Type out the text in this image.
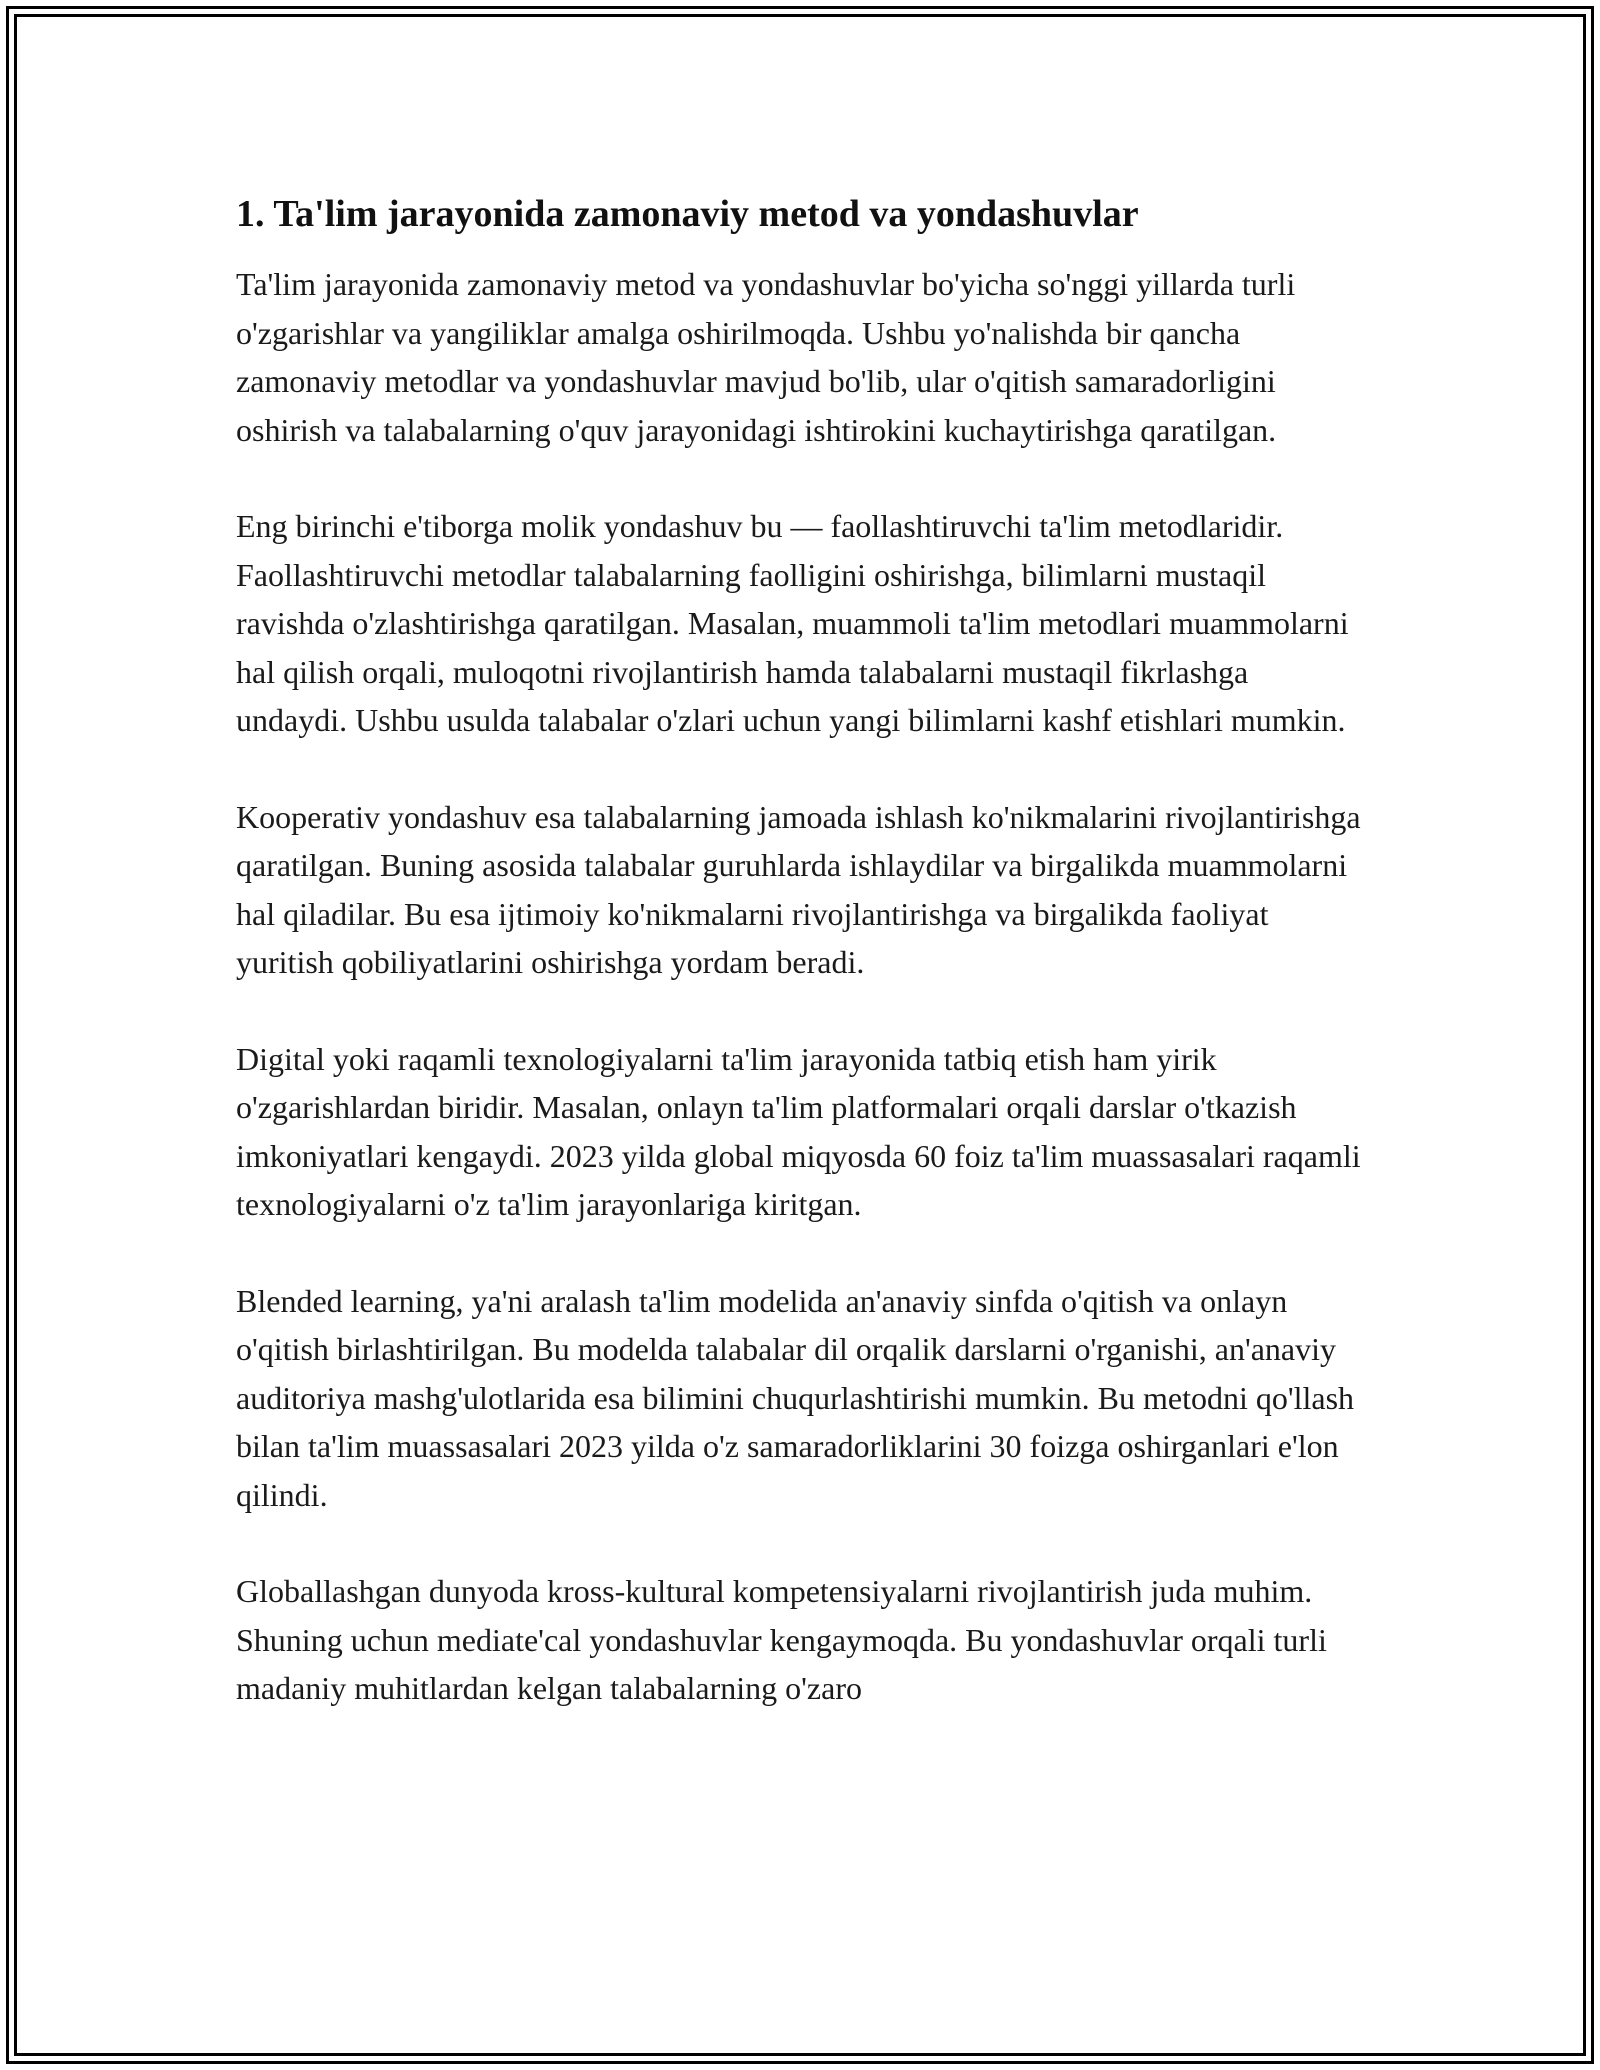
1. Ta'lim jarayonida zamonaviy metod va yondashuvlar

Ta'lim jarayonida zamonaviy metod va yondashuvlar bo'yicha so'nggi yillarda turli o'zgarishlar va yangiliklar amalga oshirilmoqda. Ushbu yo'nalishda bir qancha zamonaviy metodlar va yondashuvlar mavjud bo'lib, ular o'qitish samaradorligini oshirish va talabalarning o'quv jarayonidagi ishtirokini kuchaytirishga qaratilgan.

Eng birinchi e'tiborga molik yondashuv bu — faollashtiruvchi ta'lim metodlaridir. Faollashtiruvchi metodlar talabalarning faolligini oshirishga, bilimlarni mustaqil ravishda o'zlashtirishga qaratilgan. Masalan, muammoli ta'lim metodlari muammolarni hal qilish orqali, muloqotni rivojlantirish hamda talabalarni mustaqil fikrlashga undaydi. Ushbu usulda talabalar o'zlari uchun yangi bilimlarni kashf etishlari mumkin.

Kooperativ yondashuv esa talabalarning jamoada ishlash ko'nikmalarini rivojlantirishga qaratilgan. Buning asosida talabalar guruhlarda ishlaydilar va birgalikda muammolarni hal qiladilar. Bu esa ijtimoiy ko'nikmalarni rivojlantirishga va birgalikda faoliyat yuritish qobiliyatlarini oshirishga yordam beradi.

Digital yoki raqamli texnologiyalarni ta'lim jarayonida tatbiq etish ham yirik o'zgarishlardan biridir. Masalan, onlayn ta'lim platformalari orqali darslar o'tkazish imkoniyatlari kengaydi. 2023 yilda global miqyosda 60 foiz ta'lim muassasalari raqamli texnologiyalarni o'z ta'lim jarayonlariga kiritgan.

Blended learning, ya'ni aralash ta'lim modelida an'anaviy sinfda o'qitish va onlayn o'qitish birlashtirilgan. Bu modelda talabalar dil orqalik darslarni o'rganishi, an'anaviy auditoriya mashg'ulotlarida esa bilimini chuqurlashtirishi mumkin. Bu metodni qo'llash bilan ta'lim muassasalari 2023 yilda o'z samaradorliklarini 30 foizga oshirganlari e'lon qilindi.

Globallashgan dunyoda kross-kultural kompetensiyalarni rivojlantirish juda muhim. Shuning uchun mediate'cal yondashuvlar kengaymoqda. Bu yondashuvlar orqali turli madaniy muhitlardan kelgan talabalarning o'zaro
